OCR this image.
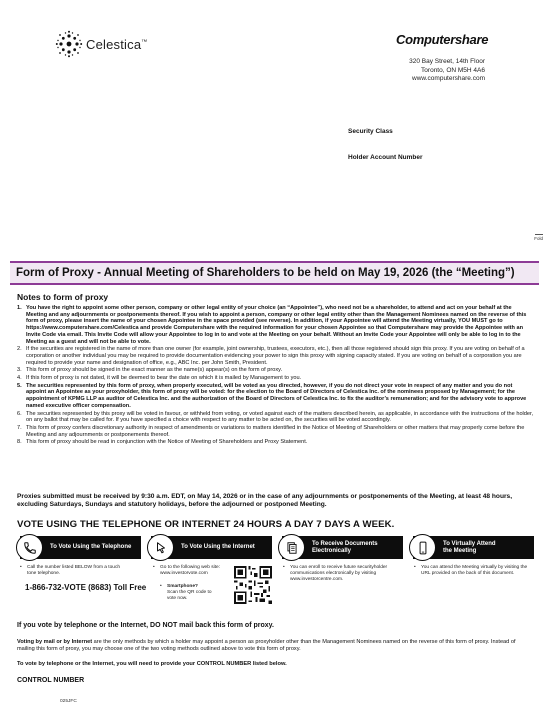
Celestica™	Computershare
320 Bay Street, 14th Floor
Toronto, ON M5H 4A6
www.computershare.com
Security Class
Holder Account Number
Fold
Form of Proxy - Annual Meeting of Shareholders to be held on May 19, 2026 (the “Meeting”)
Notes to form of proxy
1. You have the right to appoint some other person, company or other legal entity of your choice (an “Appointee”), who need not be a shareholder, to attend and act on your behalf at the Meeting and any adjournments or postponements thereof. If you wish to appoint a person, company or other legal entity other than the Management Nominees named on the reverse of this form of proxy, please insert the name of your chosen Appointee in the space provided (see reverse). In addition, if your Appointee will attend the Meeting virtually, YOU MUST go to https://www.computershare.com/Celestica and provide Computershare with the required information for your chosen Appointee so that Computershare may provide the Appointee with an Invite Code via email. This Invite Code will allow your Appointee to log in to and vote at the Meeting on your behalf. Without an Invite Code your Appointee will only be able to log in to the Meeting as a guest and will not be able to vote.
2. If the securities are registered in the name of more than one owner (for example, joint ownership, trustees, executors, etc.), then all those registered should sign this proxy. If you are voting on behalf of a corporation or another individual you may be required to provide documentation evidencing your power to sign this proxy with signing capacity stated. If you are voting on behalf of a corporation you are required to provide your name and designation of office, e.g., ABC Inc. per John Smith, President.
3. This form of proxy should be signed in the exact manner as the name(s) appear(s) on the form of proxy.
4. If this form of proxy is not dated, it will be deemed to bear the date on which it is mailed by Management to you.
5. The securities represented by this form of proxy, when properly executed, will be voted as you directed, however, if you do not direct your vote in respect of any matter and you do not appoint an Appointee as your proxyholder, this form of proxy will be voted: for the election to the Board of Directors of Celestica Inc. of the nominees proposed by Management; for the appointment of KPMG LLP as auditor of Celestica Inc. and the authorization of the Board of Directors of Celestica Inc. to fix the auditor’s remuneration; and for the advisory vote to approve named executive officer compensation.
6. The securities represented by this proxy will be voted in favour, or withheld from voting, or voted against each of the matters described herein, as applicable, in accordance with the instructions of the holder, on any ballot that may be called for. If you have specified a choice with respect to any matter to be acted on, the securities will be voted accordingly.
7. This form of proxy confers discretionary authority in respect of amendments or variations to matters identified in the Notice of Meeting of Shareholders or other matters that may properly come before the Meeting and any adjournments or postponements thereof.
8. This form of proxy should be read in conjunction with the Notice of Meeting of Shareholders and Proxy Statement.
Proxies submitted must be received by 9:30 a.m. EDT, on May 14, 2026 or in the case of any adjournments or postponements of the Meeting, at least 48 hours, excluding Saturdays, Sundays and statutory holidays, before the adjourned or postponed Meeting.
VOTE USING THE TELEPHONE OR INTERNET 24 HOURS A DAY 7 DAYS A WEEK.
To Vote Using the Telephone	To Vote Using the Internet
To Receive Documents Electronically
To Virtually Attend the Meeting
• Call the number listed BELOW from a touch tone telephone.
1-866-732-VOTE (8683) Toll Free
• Go to the following web site: www.investorvote.com
• Smartphone?
Scan the QR code to vote now.
• You can enroll to receive future securityholder communications electronically by visiting www.investorcentre.com.
• You can attend the Meeting virtually by visiting the URL provided on the back of this document.
If you vote by telephone or the Internet, DO NOT mail back this form of proxy.
Voting by mail or by Internet are the only methods by which a holder may appoint a person as proxyholder other than the Management Nominees named on the reverse of this form of proxy. Instead of mailing this form of proxy, you may choose one of the two voting methods outlined above to vote this form of proxy.
To vote by telephone or the Internet, you will need to provide your CONTROL NUMBER listed below.
CONTROL NUMBER
025JFC
